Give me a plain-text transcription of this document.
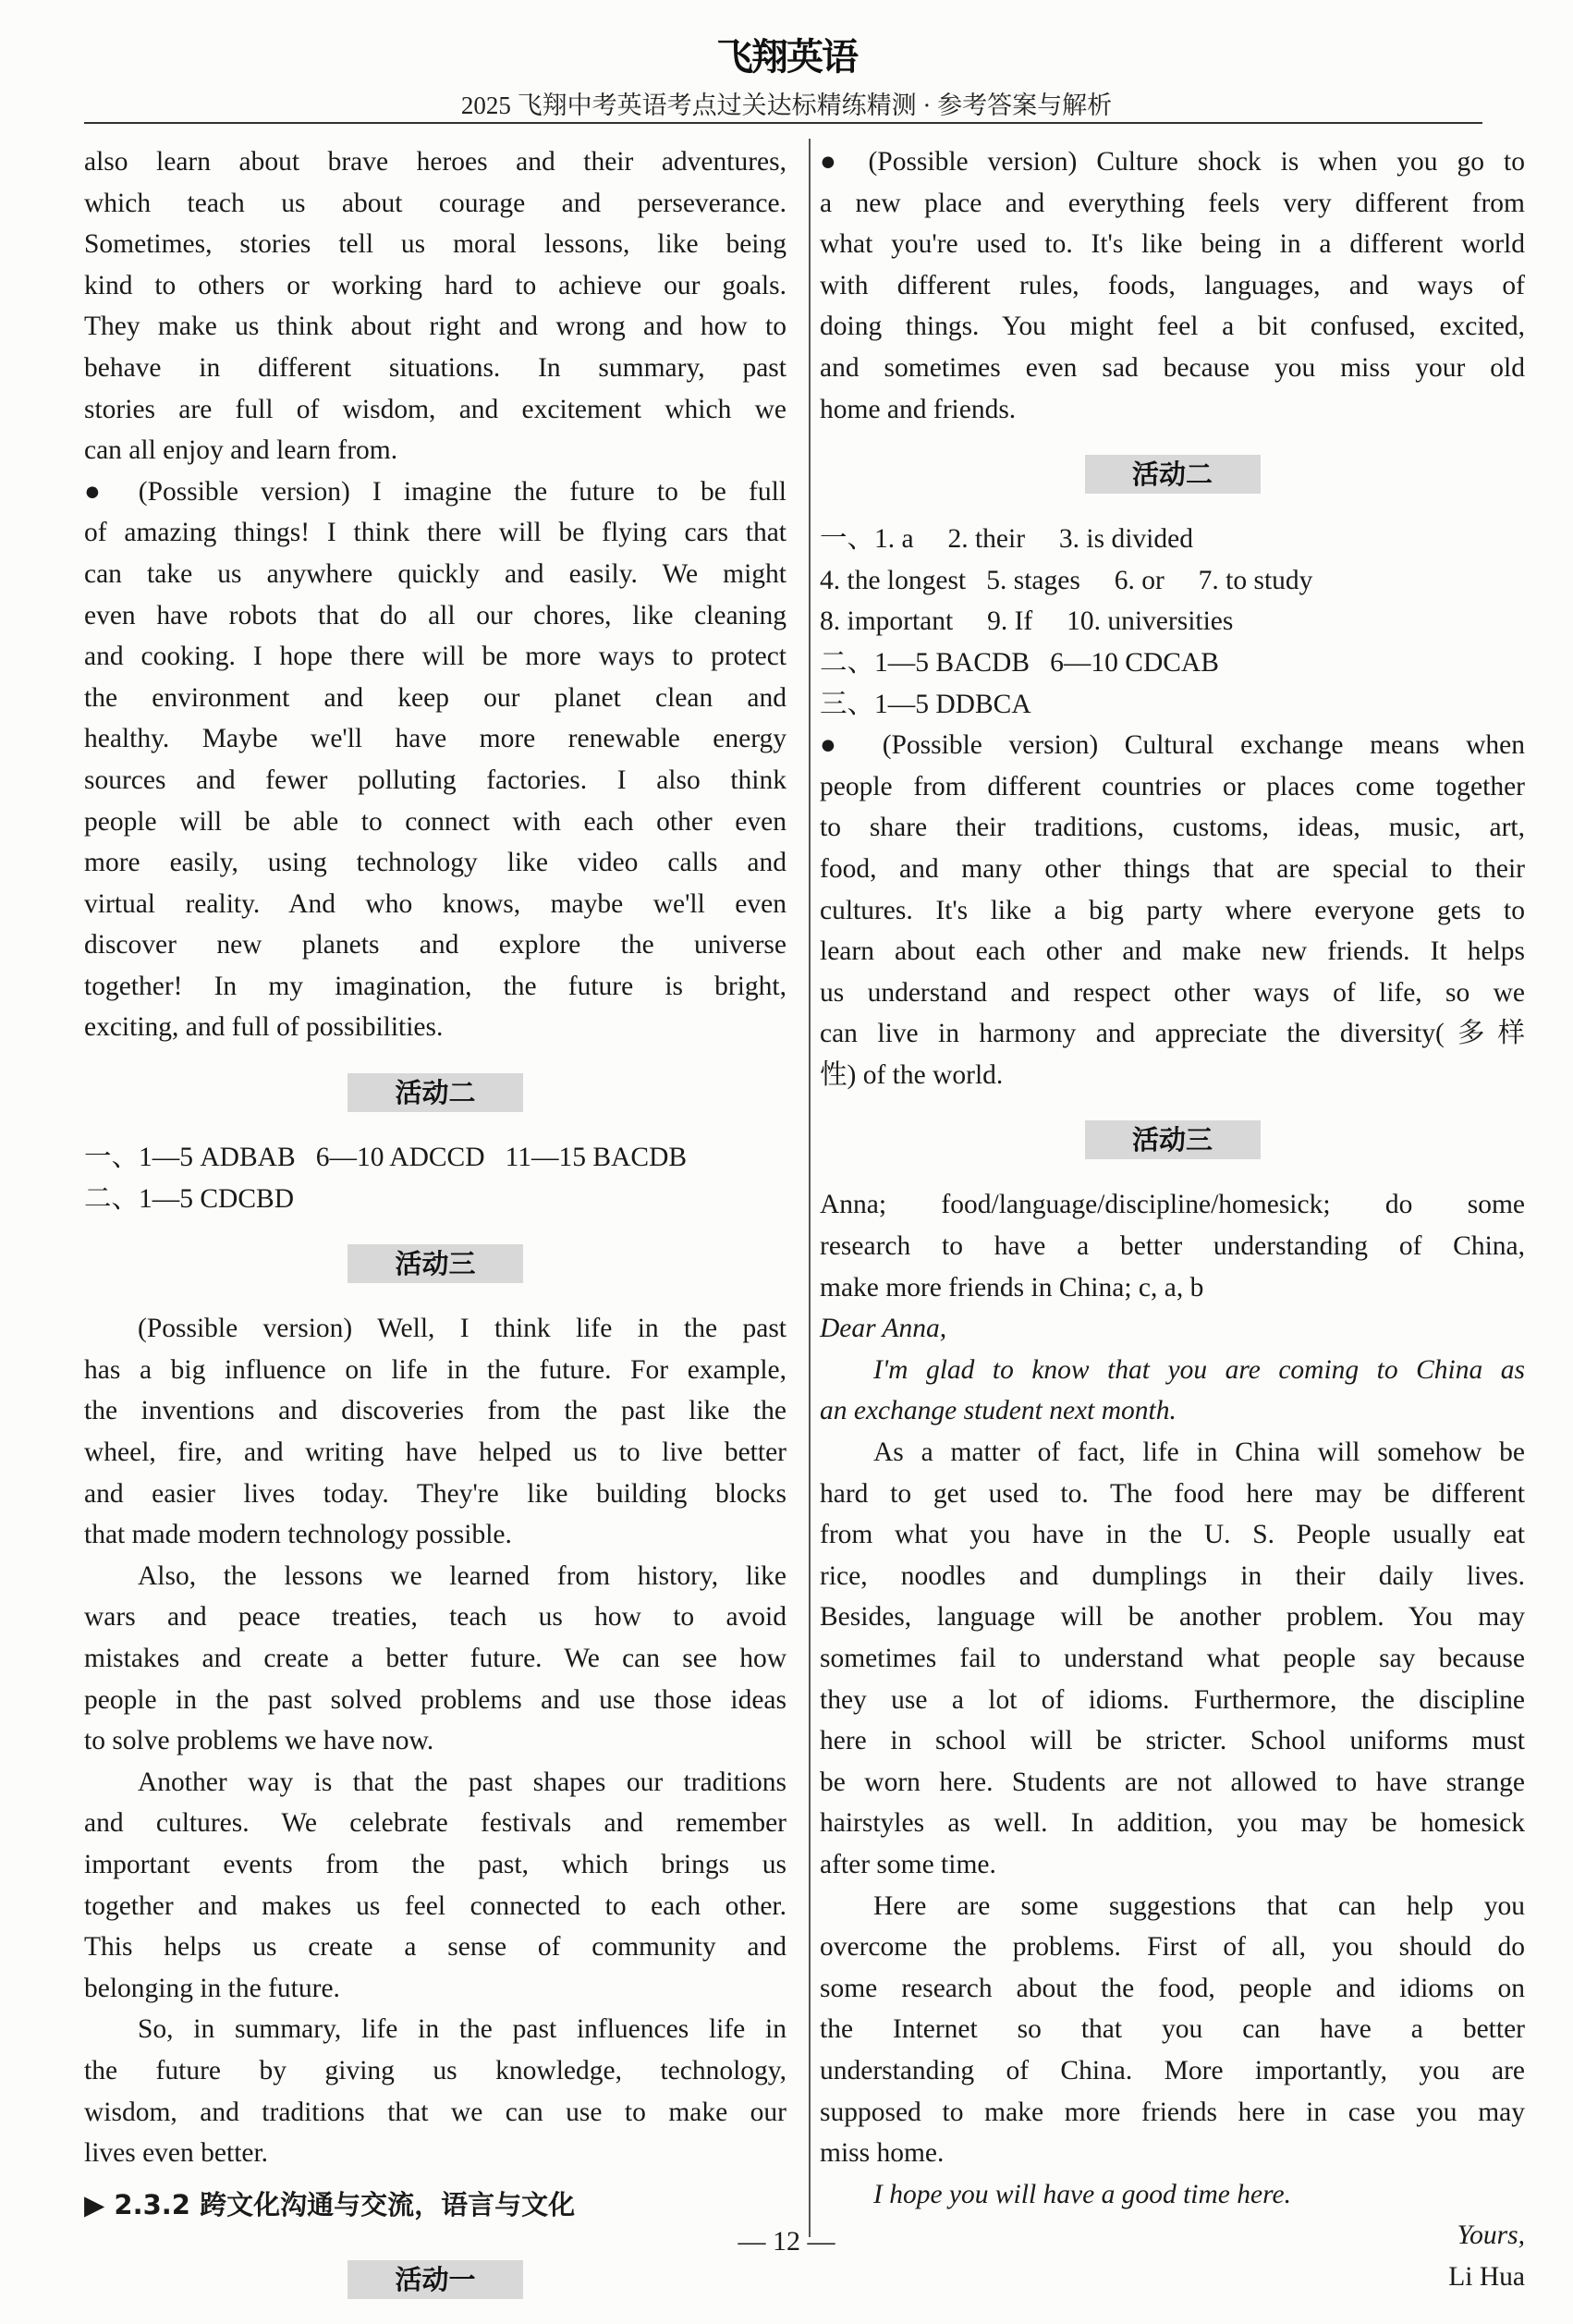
飞翔英语
2025 飞翔中考英语考点过关达标精练精测 · 参考答案与解析
also learn about brave heroes and their adventures,
which teach us about courage and perseverance.
Sometimes, stories tell us moral lessons, like being
kind to others or working hard to achieve our goals.
They make us think about right and wrong and how to
behave in different situations. In summary, past
stories are full of wisdom, and excitement which we
can all enjoy and learn from.
● (Possible version) I imagine the future to be full
of amazing things! I think there will be flying cars that
can take us anywhere quickly and easily. We might
even have robots that do all our chores, like cleaning
and cooking. I hope there will be more ways to protect
the environment and keep our planet clean and
healthy. Maybe we'll have more renewable energy
sources and fewer polluting factories. I also think
people will be able to connect with each other even
more easily, using technology like video calls and
virtual reality. And who knows, maybe we'll even
discover new planets and explore the universe
together! In my imagination, the future is bright,
exciting, and full of possibilities.
活动二
一、1—5 ADBAB   6—10 ADCCD   11—15 BACDB
二、1—5 CDCBD
活动三
(Possible version) Well, I think life in the past
has a big influence on life in the future. For example,
the inventions and discoveries from the past like the
wheel, fire, and writing have helped us to live better
and easier lives today. They're like building blocks
that made modern technology possible.
Also, the lessons we learned from history, like
wars and peace treaties, teach us how to avoid
mistakes and create a better future. We can see how
people in the past solved problems and use those ideas
to solve problems we have now.
Another way is that the past shapes our traditions
and cultures. We celebrate festivals and remember
important events from the past, which brings us
together and makes us feel connected to each other.
This helps us create a sense of community and
belonging in the future.
So, in summary, life in the past influences life in
the future by giving us knowledge, technology,
wisdom, and traditions that we can use to make our
lives even better.
▶ 2.3.2 跨文化沟通与交流，语言与文化
活动一
● (Possible version) Culture shock is when you go to
a new place and everything feels very different from
what you're used to. It's like being in a different world
with different rules, foods, languages, and ways of
doing things. You might feel a bit confused, excited,
and sometimes even sad because you miss your old
home and friends.
活动二
一、1. a     2. their     3. is divided
4. the longest   5. stages     6. or     7. to study
8. important     9. If     10. universities
二、1—5 BACDB   6—10 CDCAB
三、1—5 DDBCA
● (Possible version) Cultural exchange means when
people from different countries or places come together
to share their traditions, customs, ideas, music, art,
food, and many other things that are special to their
cultures. It's like a big party where everyone gets to
learn about each other and make new friends. It helps
us understand and respect other ways of life, so we
can live in harmony and appreciate the diversity(多样
性) of the world.
活动三
Anna; food/language/discipline/homesick; do some
research to have a better understanding of China,
make more friends in China; c, a, b
Dear Anna,
I'm glad to know that you are coming to China as
an exchange student next month.
As a matter of fact, life in China will somehow be
hard to get used to. The food here may be different
from what you have in the U. S. People usually eat
rice, noodles and dumplings in their daily lives.
Besides, language will be another problem. You may
sometimes fail to understand what people say because
they use a lot of idioms. Furthermore, the discipline
here in school will be stricter. School uniforms must
be worn here. Students are not allowed to have strange
hairstyles as well. In addition, you may be homesick
after some time.
Here are some suggestions that can help you
overcome the problems. First of all, you should do
some research about the food, people and idioms on
the Internet so that you can have a better
understanding of China. More importantly, you are
supposed to make more friends here in case you may
miss home.
I hope you will have a good time here.
Yours,
Li Hua
— 12 —
